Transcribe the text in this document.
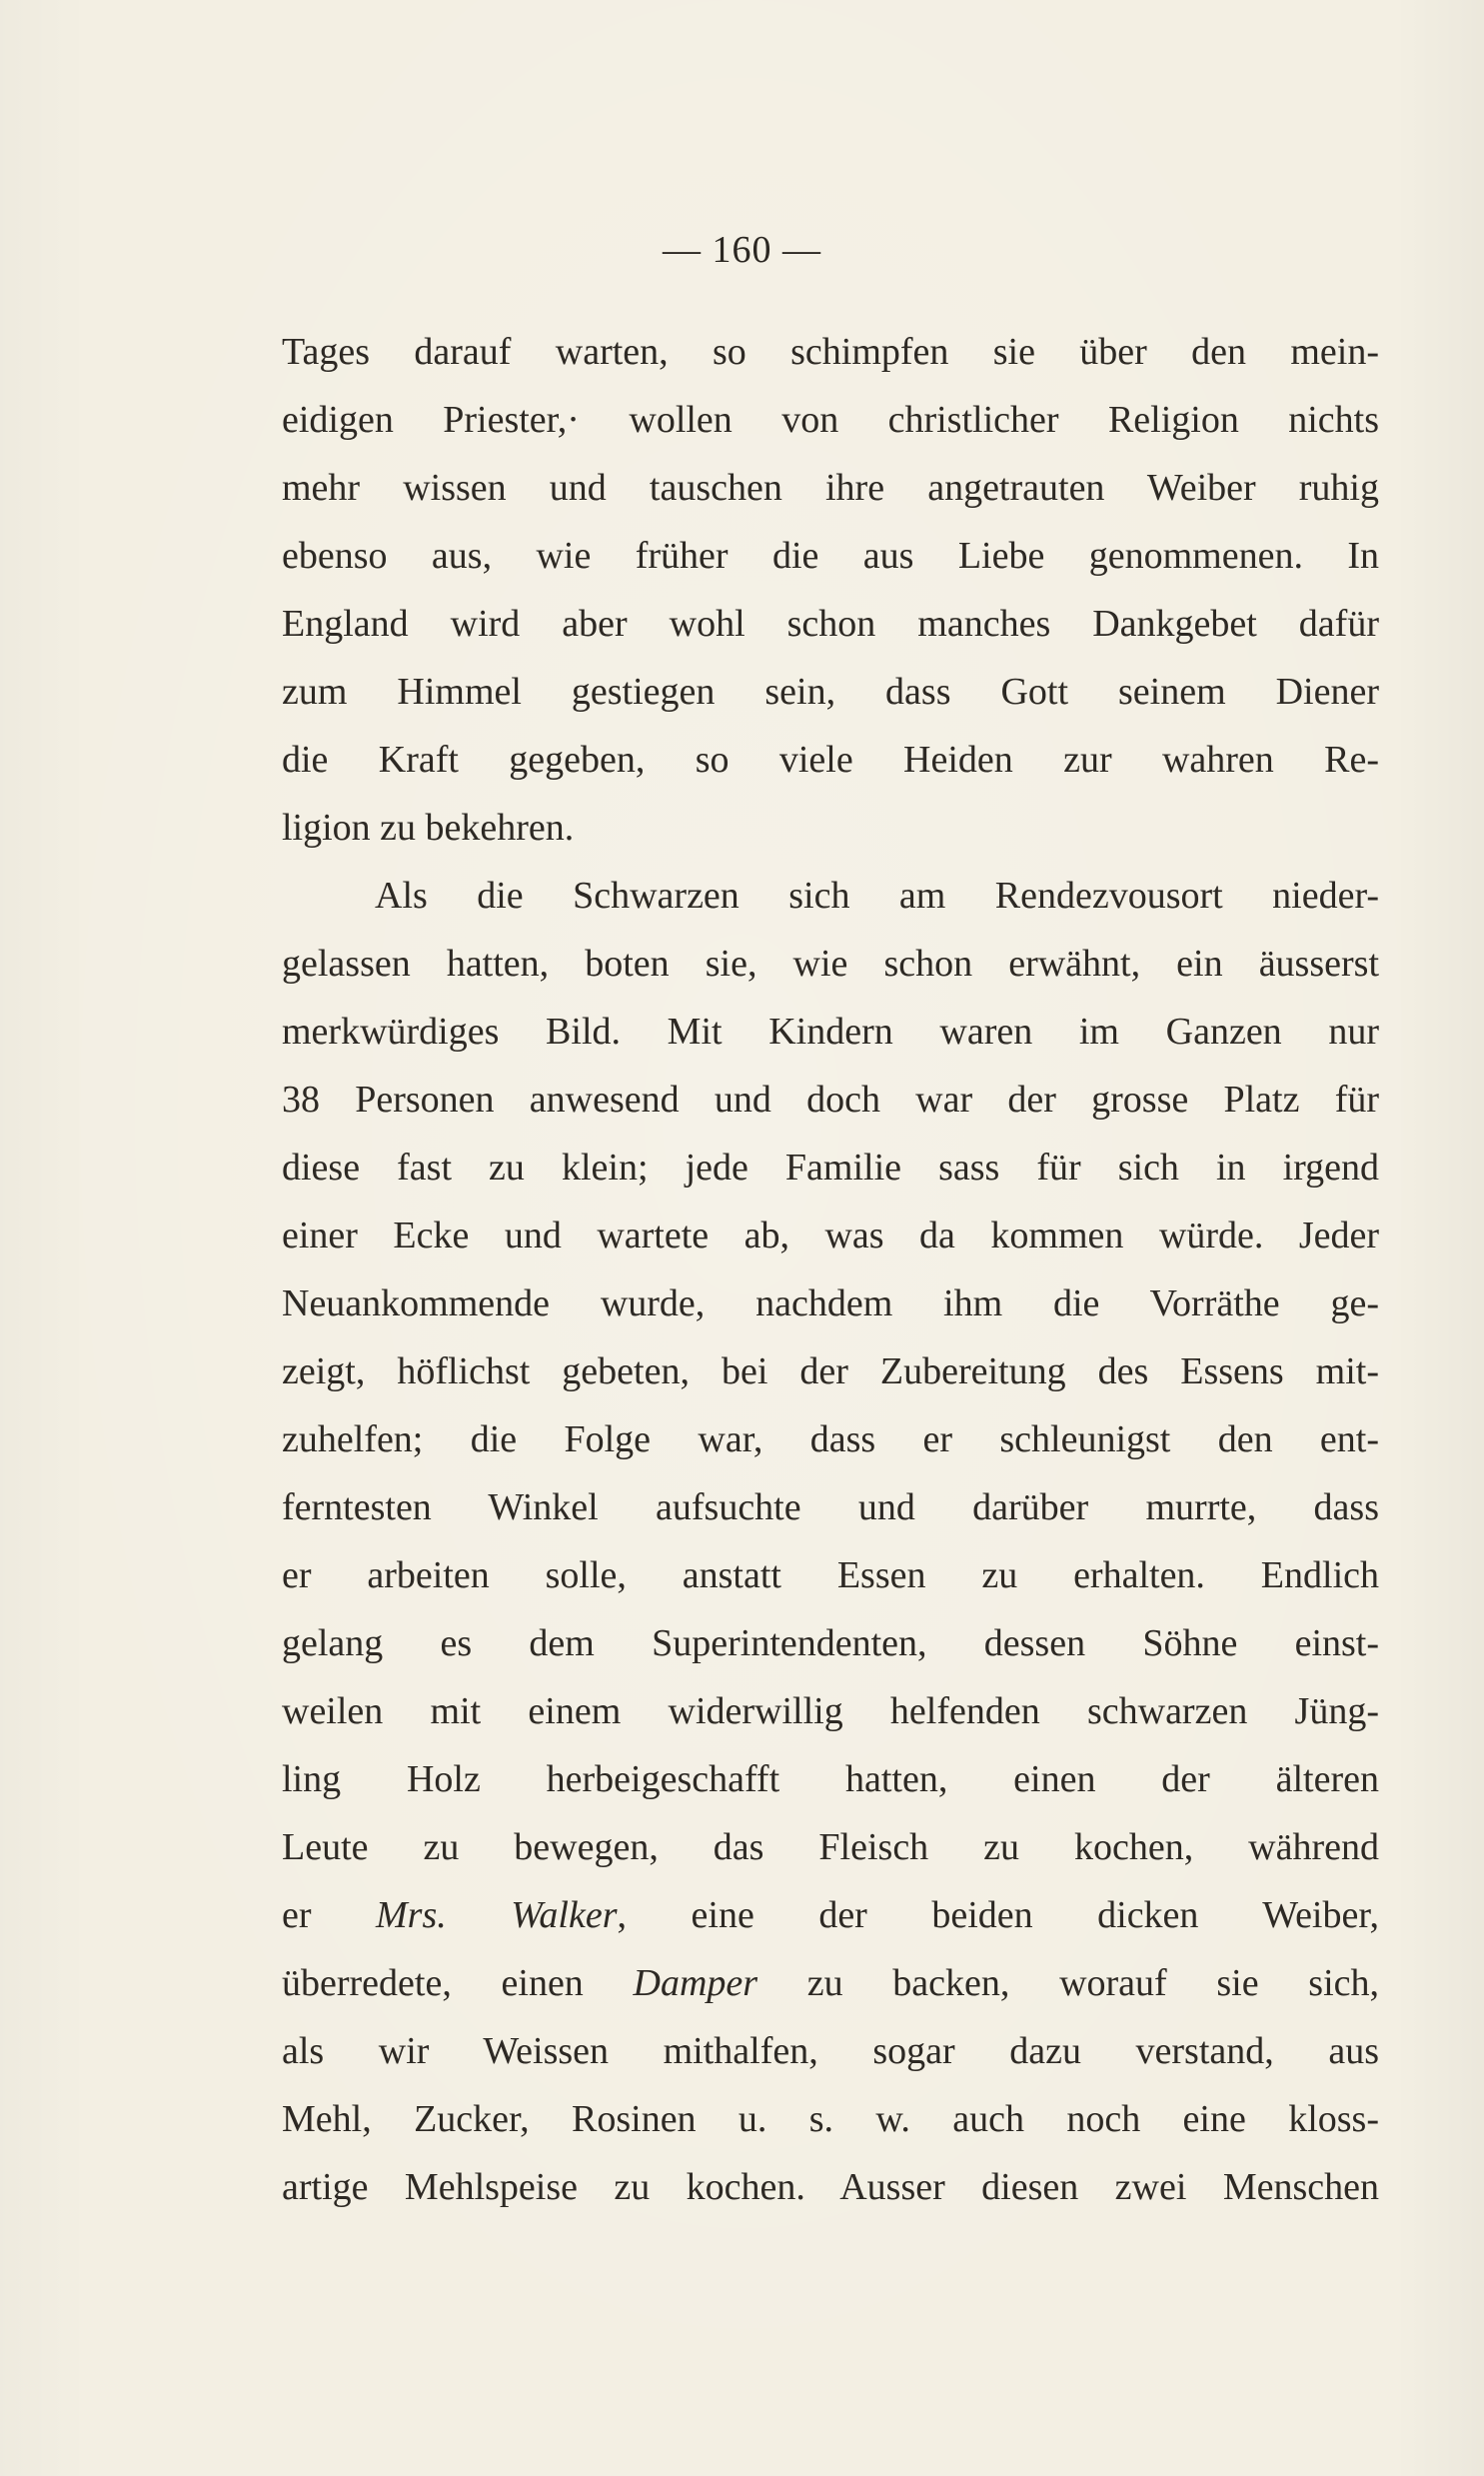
— 160 —
Tages darauf warten, so schimpfen sie über den mein-
eidigen Priester,· wollen von christlicher Religion nichts
mehr wissen und tauschen ihre angetrauten Weiber ruhig
ebenso aus, wie früher die aus Liebe genommenen. In
England wird aber wohl schon manches Dankgebet dafür
zum Himmel gestiegen sein, dass Gott seinem Diener
die Kraft gegeben, so viele Heiden zur wahren Re-
ligion zu bekehren.
Als die Schwarzen sich am Rendezvousort nieder-
gelassen hatten, boten sie, wie schon erwähnt, ein äusserst
merkwürdiges Bild. Mit Kindern waren im Ganzen nur
38 Personen anwesend und doch war der grosse Platz für
diese fast zu klein; jede Familie sass für sich in irgend
einer Ecke und wartete ab, was da kommen würde. Jeder
Neuankommende wurde, nachdem ihm die Vorräthe ge-
zeigt, höflichst gebeten, bei der Zubereitung des Essens mit-
zuhelfen; die Folge war, dass er schleunigst den ent-
ferntesten Winkel aufsuchte und darüber murrte, dass
er arbeiten solle, anstatt Essen zu erhalten. Endlich
gelang es dem Superintendenten, dessen Söhne einst-
weilen mit einem widerwillig helfenden schwarzen Jüng-
ling Holz herbeigeschafft hatten, einen der älteren
Leute zu bewegen, das Fleisch zu kochen, während
er Mrs. Walker, eine der beiden dicken Weiber,
überredete, einen Damper zu backen, worauf sie sich,
als wir Weissen mithalfen, sogar dazu verstand, aus
Mehl, Zucker, Rosinen u. s. w. auch noch eine kloss-
artige Mehlspeise zu kochen. Ausser diesen zwei Menschen
